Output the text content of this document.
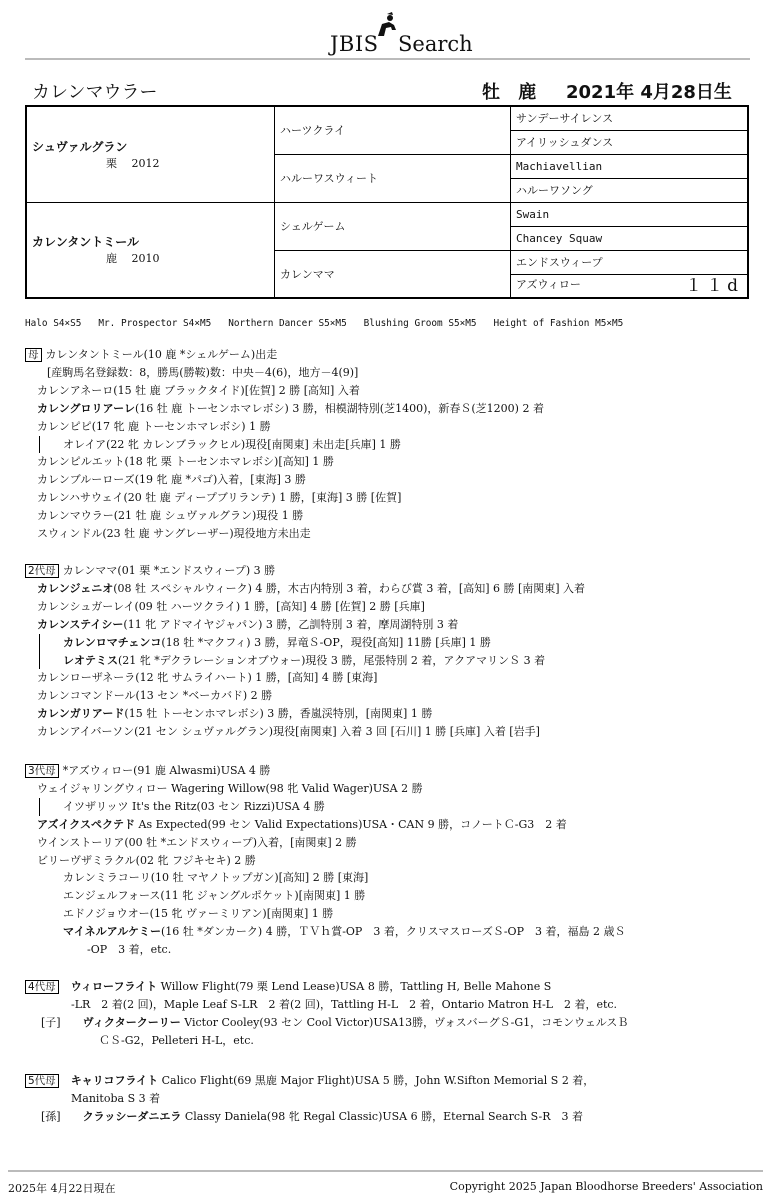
JBIS Search
カレンマウラー	牡 鹿 2021年 4月28日生
シュヴァルグラン
栗　 2012	ハーツクライ	サンデーサイレンス
		アイリッシュダンス
	ハルーワスウィート	Machiavellian
		ハルーワソング

カレンタントミール
鹿　 2010	シェルゲーム	Swain
		Chancey Squaw
	カレンママ	エンドスウィープ
		アズウィロー １１d
Halo S4×S5   Mr. Prospector S4×M5   Northern Dancer S5×M5   Blushing Groom S5×M5   Height of Fashion M5×M5
母 カレンタントミール(10 鹿 *シェルゲーム)出走
[産駒馬名登録数：8，勝馬(勝鞍)数：中央－4(6)，地方－4(9)]
カレンアネーロ(15 牡 鹿 ブラックタイド)[佐賀] 2 勝 [高知] 入着
カレングロリアーレ(16 牡 鹿 トーセンホマレボシ) 3 勝，相模湖特別(芝1400)，新春Ｓ(芝1200) 2 着
カレンピピ(17 牝 鹿 トーセンホマレボシ) 1 勝
オレイア(22 牝 カレンブラックヒル)現役[南関東] 未出走[兵庫] 1 勝
カレンピルエット(18 牝 栗 トーセンホマレボシ)[高知] 1 勝
カレンブルーローズ(19 牝 鹿 *パゴ)入着，[東海] 3 勝
カレンハサウェイ(20 牡 鹿 ディープブリランテ) 1 勝，[東海] 3 勝 [佐賀]
カレンマウラー(21 牡 鹿 シュヴァルグラン)現役 1 勝
スウィンドル(23 牡 鹿 サングレーザー)現役地方未出走
2代母 カレンママ(01 栗 *エンドスウィープ) 3 勝
カレンジェニオ(08 牡 スペシャルウィーク) 4 勝，木古内特別 3 着，わらび賞 3 着，[高知] 6 勝 [南関東] 入着
カレンシュガーレイ(09 牡 ハーツクライ) 1 勝，[高知] 4 勝 [佐賀] 2 勝 [兵庫]
カレンステイシー(11 牝 アドマイヤジャパン) 3 勝，乙訓特別 3 着，摩周湖特別 3 着
カレンロマチェンコ(18 牡 *マクフィ) 3 勝，昇竜Ｓ-OP，現役[高知] 11勝 [兵庫] 1 勝
レオテミス(21 牝 *デクラレーションオブウォー)現役 3 勝，尾張特別 2 着，アクアマリンＳ 3 着
カレンローザネーラ(12 牝 サムライハート) 1 勝，[高知] 4 勝 [東海]
カレンコマンドール(13 セン *ベーカバド) 2 勝
カレンガリアード(15 牡 トーセンホマレボシ) 3 勝，香嵐渓特別，[南関東] 1 勝
カレンアイバーソン(21 セン シュヴァルグラン)現役[南関東] 入着 3 回 [石川] 1 勝 [兵庫] 入着 [岩手]
3代母 *アズウィロー(91 鹿 Alwasmi)USA 4 勝
ウェイジャリングウィロー Wagering Willow(98 牝 Valid Wager)USA 2 勝
イツザリッツ It's the Ritz(03 セン Rizzi)USA 4 勝
アズイクスペクテド As Expected(99 セン Valid Expectations)USA・CAN 9 勝，コノートＣ-G3　2 着
ウインストーリア(00 牡 *エンドスウィープ)入着，[南関東] 2 勝
ビリーヴザミラクル(02 牝 フジキセキ) 2 勝
カレンミラコーリ(10 牡 マヤノトップガン)[高知] 2 勝 [東海]
エンジェルフォース(11 牝 ジャングルポケット)[南関東] 1 勝
エドノジョウオー(15 牝 ヴァーミリアン)[南関東] 1 勝
マイネルアルケミー(16 牡 *ダンカーク) 4 勝，ＴＶｈ賞-OP　3 着，クリスマスローズＳ-OP　3 着，福島 2 歳Ｓ
-OP　3 着，etc.
4代母 ウィローフライト Willow Flight(79 栗 Lend Lease)USA 8 勝，Tattling H, Belle Mahone S
-LR　2 着(2 回)，Maple Leaf S-LR　2 着(2 回)，Tattling H-L　2 着，Ontario Matron H-L　2 着，etc.
[子] ヴィクタークーリー Victor Cooley(93 セン Cool Victor)USA13勝，ヴォスバーグＳ-G1，コモンウェルスＢ
ＣＳ-G2，Pelleteri H-L，etc.
5代母 キャリコフライト Calico Flight(69 黒鹿 Major Flight)USA 5 勝，John W.Sifton Memorial S 2 着，
Manitoba S 3 着
[孫] クラッシーダニエラ Classy Daniela(98 牝 Regal Classic)USA 6 勝，Eternal Search S-R　3 着
2025年 4月22日現在	Copyright 2025 Japan Bloodhorse Breeders' Association
